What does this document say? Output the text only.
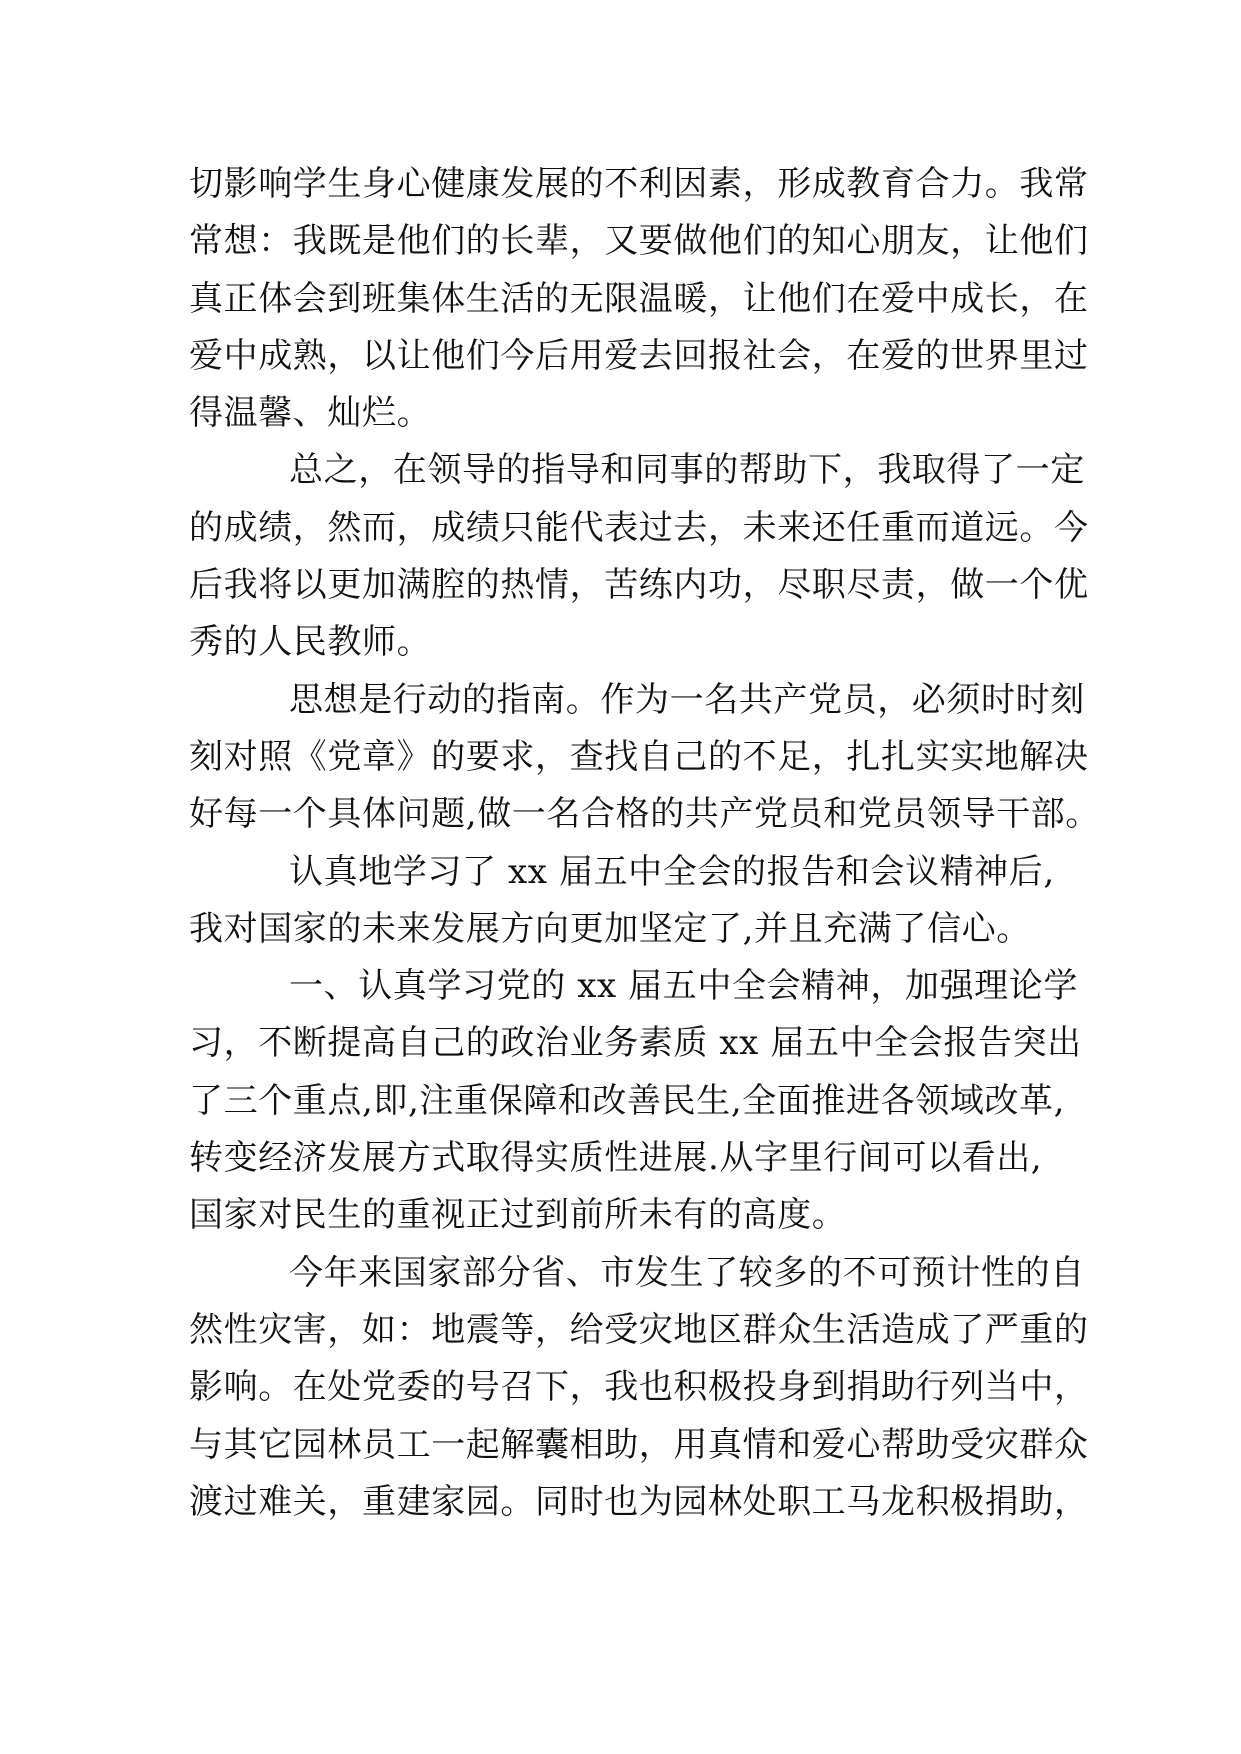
切影响学生身心健康发展的不利因素，形成教育合力。我常
常想：我既是他们的长辈，又要做他们的知心朋友，让他们
真正体会到班集体生活的无限温暖，让他们在爱中成长，在
爱中成熟，以让他们今后用爱去回报社会，在爱的世界里过
得温馨、灿烂。
总之，在领导的指导和同事的帮助下，我取得了一定
的成绩，然而，成绩只能代表过去，未来还任重而道远。今
后我将以更加满腔的热情，苦练内功，尽职尽责，做一个优
秀的人民教师。
思想是行动的指南。作为一名共产党员，必须时时刻
刻对照《党章》的要求，查找自己的不足，扎扎实实地解决
好每一个具体问题,做一名合格的共产党员和党员领导干部。
认真地学习了 xx 届五中全会的报告和会议精神后,
我对国家的未来发展方向更加坚定了,并且充满了信心。
一、认真学习党的 xx 届五中全会精神，加强理论学
习，不断提高自己的政治业务素质 xx 届五中全会报告突出
了三个重点,即,注重保障和改善民生,全面推进各领域改革,
转变经济发展方式取得实质性进展.从字里行间可以看出,
国家对民生的重视正过到前所未有的高度。
今年来国家部分省、市发生了较多的不可预计性的自
然性灾害，如：地震等，给受灾地区群众生活造成了严重的
影响。在处党委的号召下，我也积极投身到捐助行列当中，
与其它园林员工一起解囊相助，用真情和爱心帮助受灾群众
渡过难关，重建家园。同时也为园林处职工马龙积极捐助，
